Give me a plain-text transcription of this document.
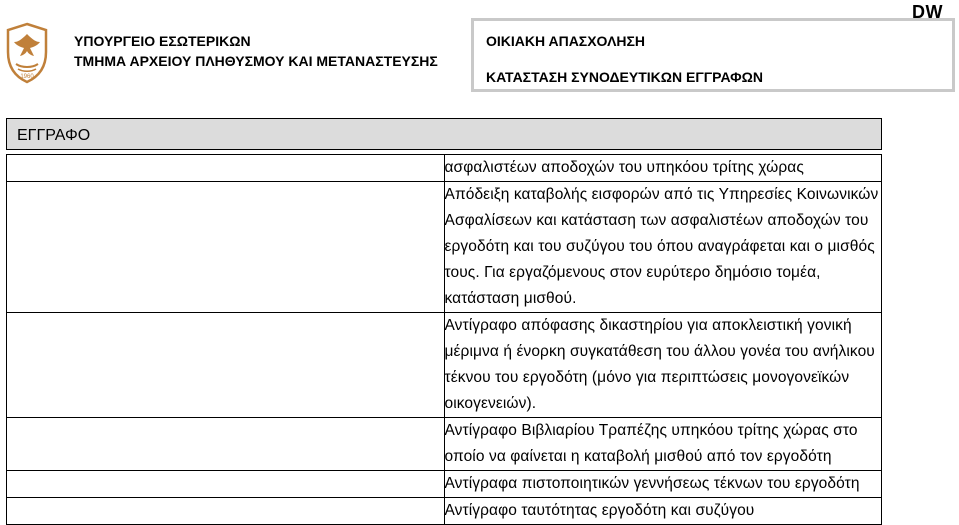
DW
1960
ΥΠΟΥΡΓΕΙΟ ΕΣΩΤΕΡΙΚΩΝ
ΤΜΗΜΑ ΑΡΧΕΙΟΥ ΠΛΗΘΥΣΜΟΥ ΚΑΙ ΜΕΤΑΝΑΣΤΕΥΣΗΣ
ΟΙΚΙΑΚΗ ΑΠΑΣΧΟΛΗΣΗ
ΚΑΤΑΣΤΑΣΗ ΣΥΝΟΔΕΥΤΙΚΩΝ ΕΓΓΡΑΦΩΝ
ΕΓΓΡΑΦΟ	

	ασφαλιστέων αποδοχών του υπηκόου τρίτης χώρας
	Απόδειξη καταβολής εισφορών από τις Υπηρεσίες Κοινωνικών Ασφαλίσεων και κατάσταση των ασφαλιστέων αποδοχών του εργοδότη και του συζύγου του όπου αναγράφεται και ο μισθός τους. Για εργαζόμενους στον ευρύτερο δημόσιο τομέα, κατάσταση μισθού.
	Αντίγραφο απόφασης δικαστηρίου για αποκλειστική γονική μέριμνα ή ένορκη συγκατάθεση του άλλου γονέα του ανήλικου τέκνου του εργοδότη (μόνο για περιπτώσεις μονογονεϊκών οικογενειών).
	Αντίγραφο Βιβλιαρίου Τραπέζης υπηκόου τρίτης χώρας στο οποίο να φαίνεται η καταβολή μισθού από τον εργοδότη
	Αντίγραφα πιστοποιητικών γεννήσεως τέκνων του εργοδότη
	Αντίγραφο ταυτότητας εργοδότη και συζύγου
